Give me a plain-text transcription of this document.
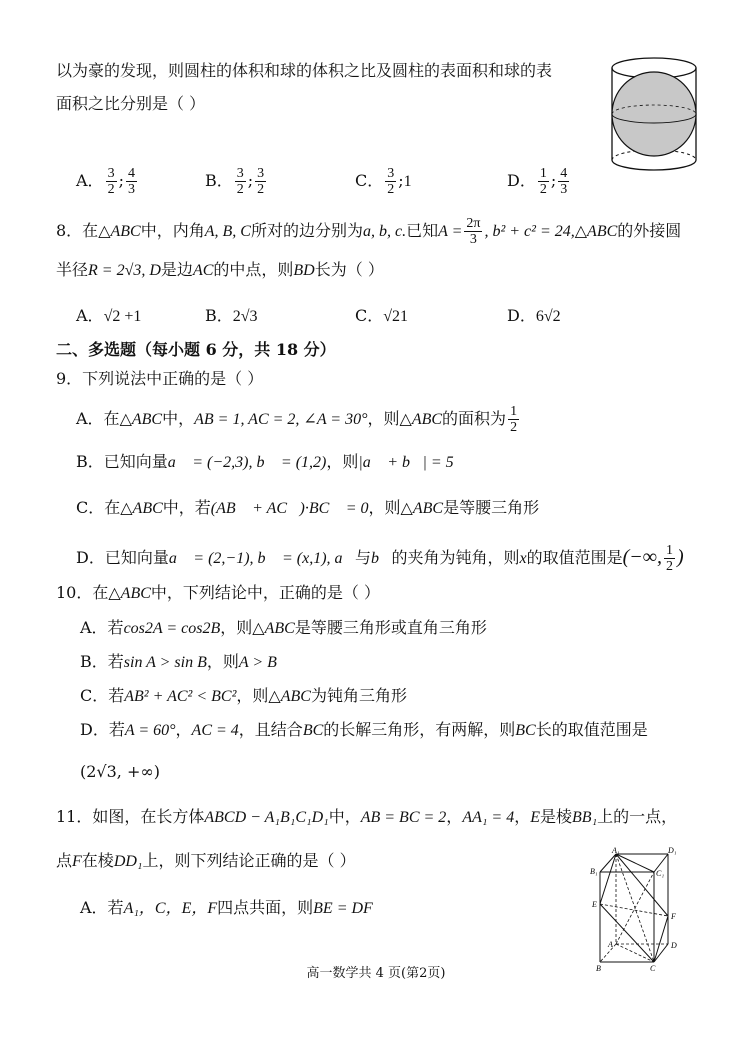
以为豪的发现，则圆柱的体积和球的体积之比及圆柱的表面积和球的表
面积之比分别是（ ）
A． $\frac{3}{2}$ ; $\frac{4}{3}$	B． $\frac{3}{2}$ ; $\frac{3}{2}$	C． $\frac{3}{2}$ ;1	D． $\frac{1}{2}$ ; $\frac{4}{3}$
8．在△ABC中，内角A, B, C所对的边分别为a, b, c.已知$A = \frac{2\pi}{3}$ , b² + c² = 24,△ABC的外接圆
半径R = 2√3, D是边AC的中点，则BD长为（ ）
A．√2 +1	B．2√3	C．√21	D．6√2
二、多选题（每小题 6 分，共 18 分）
9．下列说法中正确的是（ ）
A．在△ABC中，AB = 1, AC = 2, ∠A = 30°，则△ABC的面积为 $\frac{1}{2}$
B．已知向量a⃗ = (−2,3), b⃗ = (1,2)，则|a⃗ + b⃗| = 5
C．在△ABC中，若(AB⃗ + AC⃗)·BC⃗ = 0，则△ABC是等腰三角形
D．已知向量a⃗ = (2,−1), b⃗ = (x,1), a⃗与b⃗的夹角为钝角，则x的取值范围是(−∞, $\frac{1}{2}$ )
10．在△ABC中，下列结论中，正确的是（ ）
A．若cos2A = cos2B，则△ABC是等腰三角形或直角三角形
B．若sin A > sin B，则A > B
C．若AB² + AC² < BC²，则△ABC为钝角三角形
D．若A = 60°，AC = 4，且结合BC的长解三角形，有两解，则BC长的取值范围是
(2√3, +∞)
11．如图，在长方体ABCD − A₁B₁C₁D₁中，AB = BC = 2，AA₁ = 4，E是棱BB₁上的一点，
点F在棱DD₁上，则下列结论正确的是（ ）
A．若A₁，C，E，F四点共面，则BE = DF
A₁	D₁
B₁	C₁
E
F
A	D
B	C
高一数学共 4 页(第2页)
